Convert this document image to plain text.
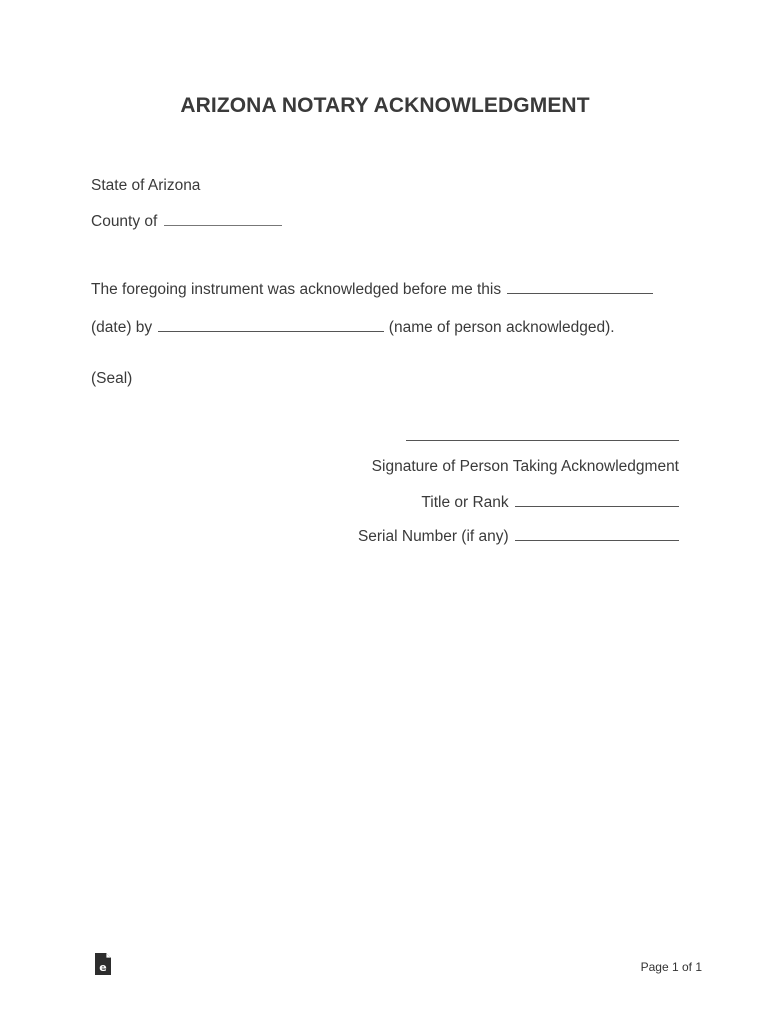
ARIZONA NOTARY ACKNOWLEDGMENT
State of Arizona
County of
The foregoing instrument was acknowledged before me this
(date) by	(name of person acknowledged).
(Seal)
Signature of Person Taking Acknowledgment
Title or Rank
Serial Number (if any)
e	Page 1 of 1
